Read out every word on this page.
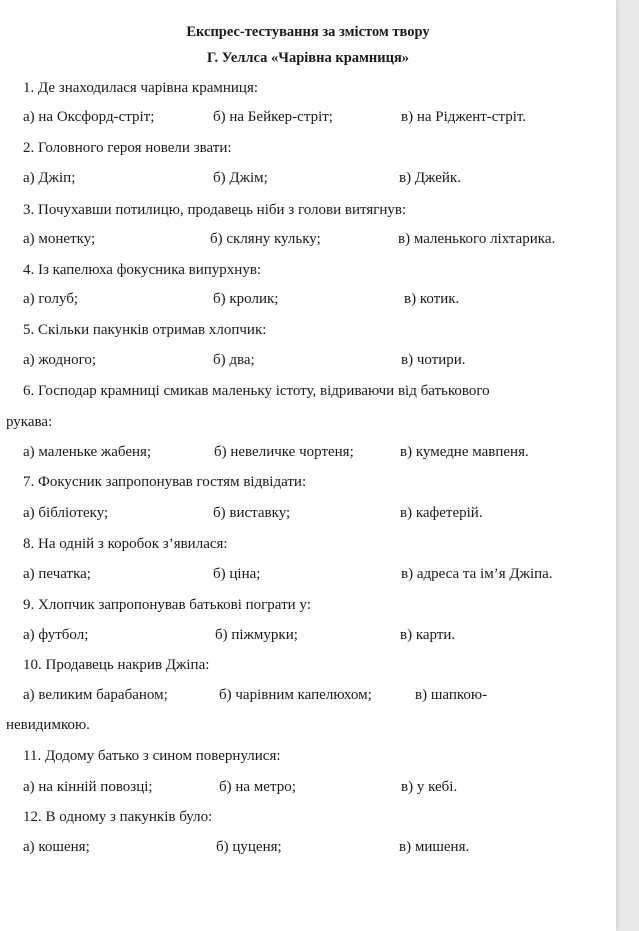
Експрес-тестування за змістом твору
Г. Уеллса «Чарівна крамниця»
1. Де знаходилася чарівна крамниця:
а) на Оксфорд-стріт;	б) на Бейкер-стріт;	в) на Ріджент-стріт.
2. Головного героя новели звати:
а) Джіп;	б) Джім;	в) Джейк.
3. Почухавши потилицю, продавець ніби з голови витягнув:
а) монетку;	б) скляну кульку;	в) маленького ліхтарика.
4. Із капелюха фокусника випурхнув:
а) голуб;	б) кролик;	в) котик.
5. Скільки пакунків отримав хлопчик:
а) жодного;	б) два;	в) чотири.
6. Господар крамниці смикав маленьку істоту, відриваючи від батькового
рукава:
а) маленьке жабеня;	б) невеличке чортеня;	в) кумедне мавпеня.
7. Фокусник запропонував гостям відвідати:
а) бібліотеку;	б) виставку;	в) кафетерій.
8. На одній з коробок з’явилася:
а) печатка;	б) ціна;	в) адреса та ім’я Джіпа.
9. Хлопчик запропонував батькові пограти у:
а) футбол;	б) піжмурки;	в) карти.
10. Продавець накрив Джіпа:
а) великим барабаном;	б) чарівним капелюхом;	в) шапкою-
невидимкою.
11. Додому батько з сином повернулися:
а) на кінній повозці;	б) на метро;	в) у кебі.
12. В одному з пакунків було:
а) кошеня;	б) цуценя;	в) мишеня.
